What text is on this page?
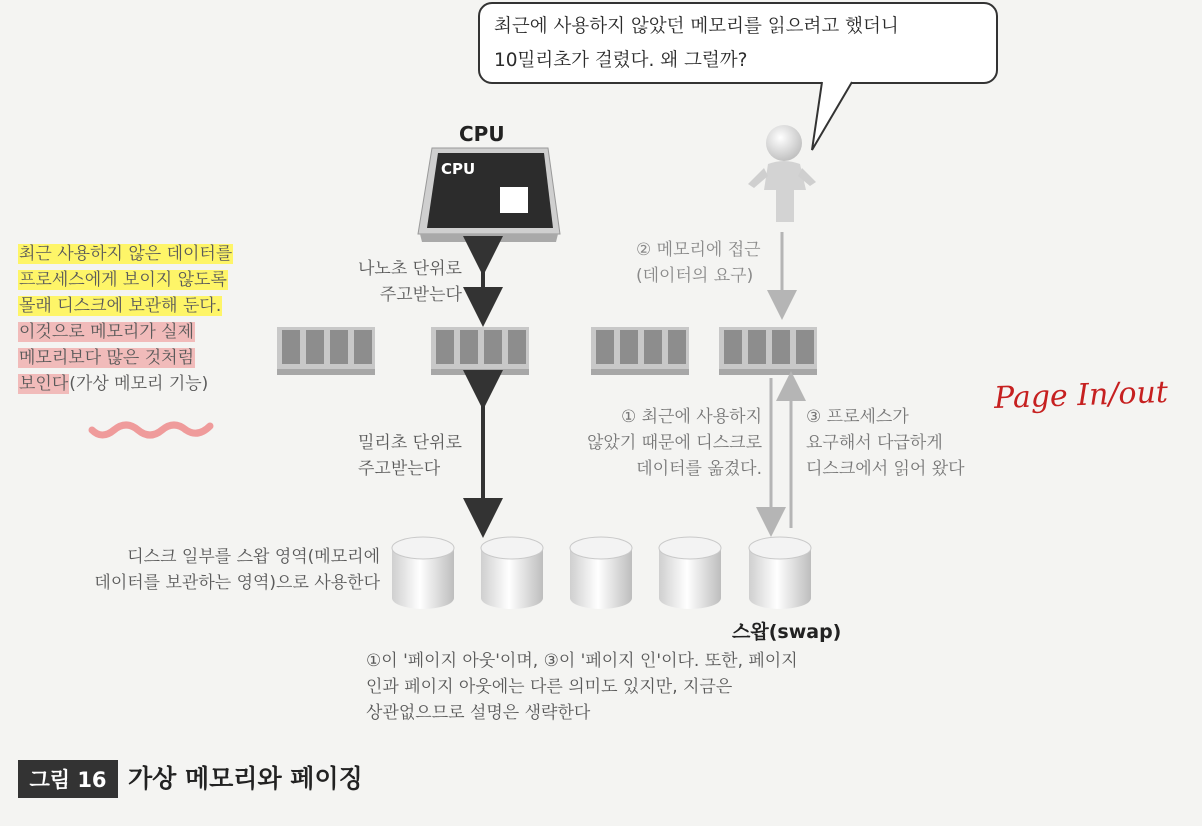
최근에 사용하지 않았던 메모리를 읽으려고 했더니
10밀리초가 걸렸다. 왜 그럴까?
CPU
CPU
최근 사용하지 않은 데이터를
프로세스에게 보이지 않도록
몰래 디스크에 보관해 둔다.
이것으로 메모리가 실제
메모리보다 많은 것처럼
보인다(가상 메모리 기능)
나노초 단위로
주고받는다
밀리초 단위로
주고받는다
② 메모리에 접근
(데이터의 요구)
① 최근에 사용하지
않았기 때문에 디스크로
데이터를 옮겼다.
③ 프로세스가
요구해서 다급하게
디스크에서 읽어 왔다
디스크 일부를 스왑 영역(메모리에
데이터를 보관하는 영역)으로 사용한다
스왑(swap)
①이 '페이지 아웃'이며, ③이 '페이지 인'이다. 또한, 페이지
인과 페이지 아웃에는 다른 의미도 있지만, 지금은
상관없으므로 설명은 생략한다
Page In/out
그림 16 가상 메모리와 페이징
